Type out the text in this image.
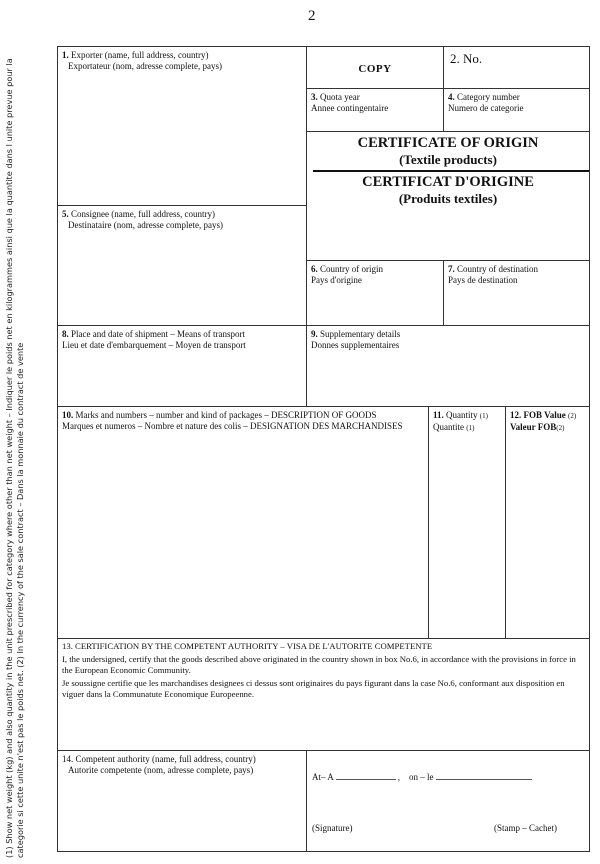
2
(1) Show net weight (kg) and also quantity in the unit prescribed for category where other than net weight – Indiquer le poids net en kilogrammes ainsi que la quantite dans l unite prevue pour la categorie si cette unite n'est pas le poids net. (2) In the currency of the sale contract – Dans la monnaie du contract de vente
1. Exporter (name, full address, country)
Exportateur (nom, adresse complete, pays)	COPY
2. No.
3. Quota year
Annee contingentaire
4. Category number
Numero de categorie
CERTIFICATE OF ORIGIN
(Textile products)
CERTIFICAT D'ORIGINE
(Produits textiles)
5. Consignee (name, full address, country)
Destinataire (nom, adresse complete, pays)
6. Country of origin
Pays d'origine
7. Country of destination
Pays de destination
8. Place and date of shipment – Means of transport
Lieu et date d'embarquement – Moyen de transport
9. Supplementary details
Donnes supplementaires
10. Marks and numbers – number and kind of packages – DESCRIPTION OF GOODS
Marques et numeros – Nombre et nature des colis – DESIGNATION DES MARCHANDISES
11. Quantity (1)
Quantite (1)
12. FOB Value (2)
Valeur FOB(2)
13. CERTIFICATION BY THE COMPETENT AUTHORITY – VISA DE L'AUTORITE COMPETENTE
I, the undersigned, certify that the goods described above originated in the country shown in box No.6, in accordance with the provisions in force in the European Economic Community.
Je soussigne certifie que les marchandises designees ci dessus sont originaires du pays figurant dans la case No.6, conformant aux disposition en viguer dans la Communatute Economique Europeenne.
14. Competent authority (name, full address, country)
Autorite competente (nom, adresse complete, pays)
At– A	,    on – le
(Signature)	(Stamp – Cachet)
